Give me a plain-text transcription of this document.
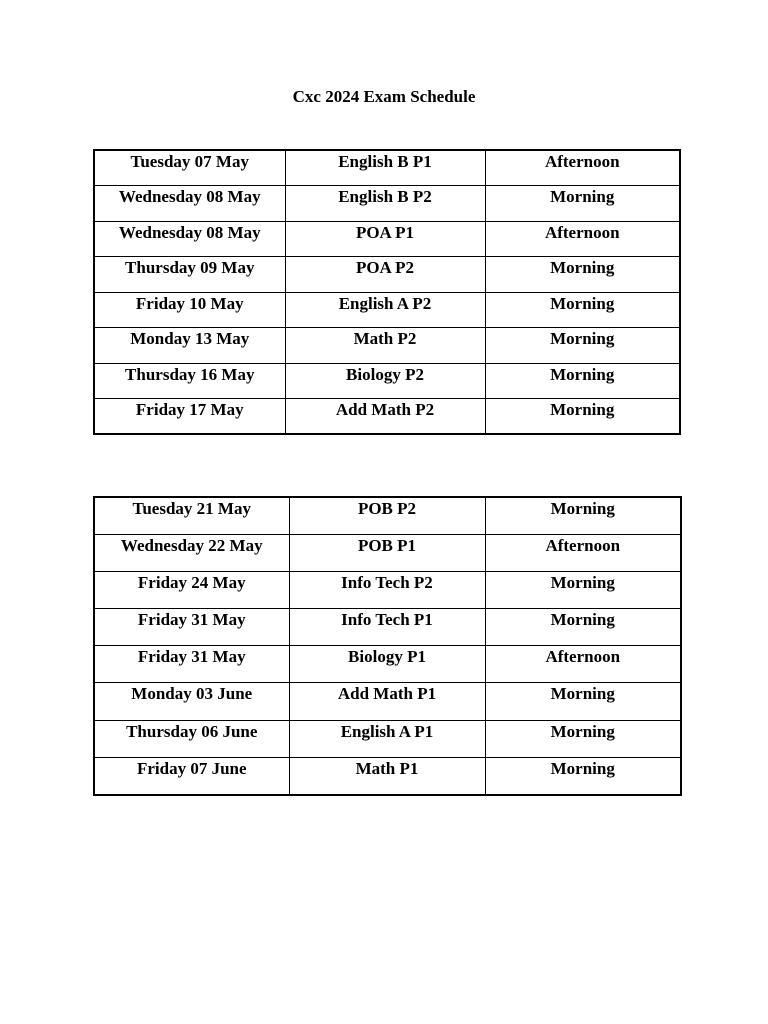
Cxc 2024 Exam Schedule
Tuesday 07 May	English B P1	Afternoon
Wednesday 08 May	English B P2	Morning
Wednesday 08 May	POA P1	Afternoon
Thursday 09 May	POA P2	Morning
Friday 10 May	English A P2	Morning
Monday 13 May	Math P2	Morning
Thursday 16 May	Biology P2	Morning
Friday 17 May	Add Math P2	Morning
Tuesday 21 May	POB P2	Morning
Wednesday 22 May	POB P1	Afternoon
Friday 24 May	Info Tech P2	Morning
Friday 31 May	Info Tech P1	Morning
Friday 31 May	Biology P1	Afternoon
Monday 03 June	Add Math P1	Morning
Thursday 06 June	English A P1	Morning
Friday 07 June	Math P1	Morning
